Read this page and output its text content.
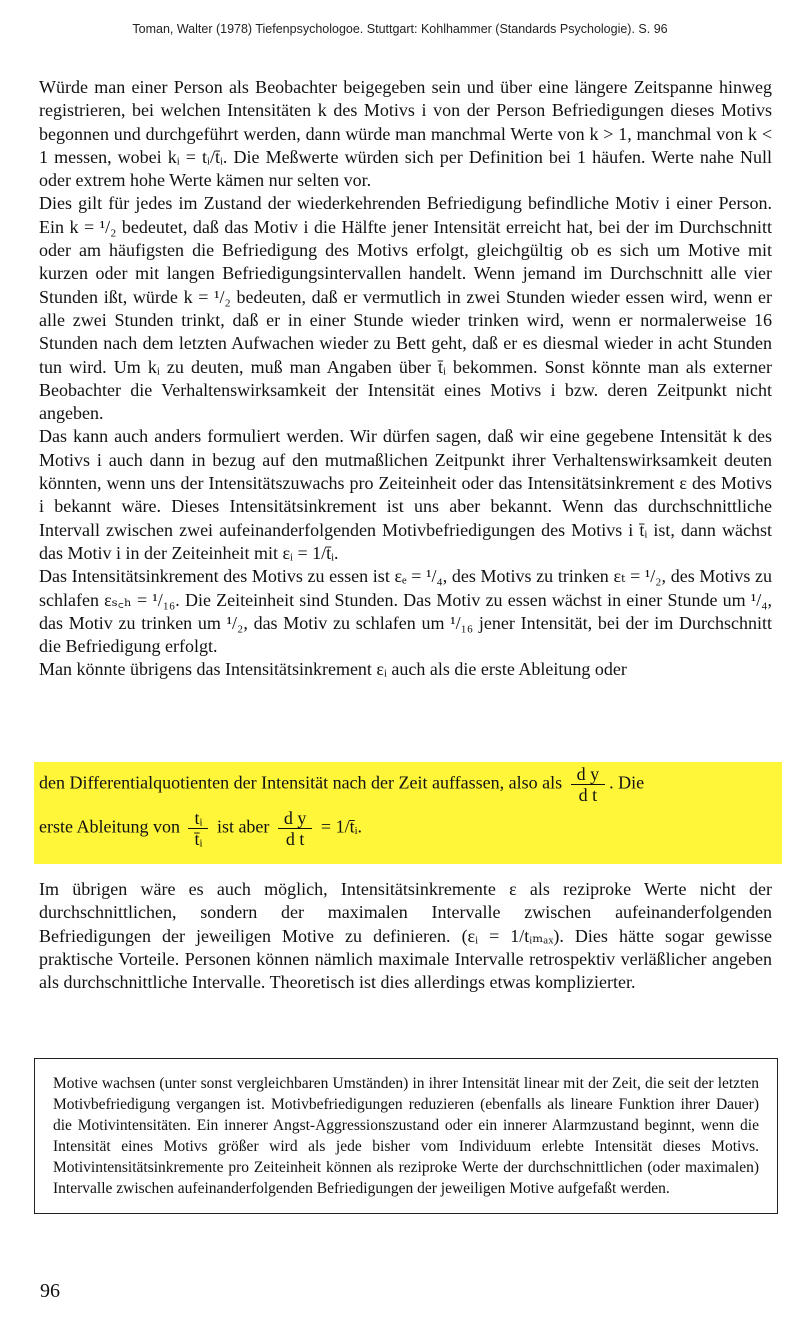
Toman, Walter (1978) Tiefenpsychologoe. Stuttgart: Kohlhammer (Standards Psychologie). S. 96

Würde man einer Person als Beobachter beigegeben sein und über eine längere Zeitspanne hinweg registrieren, bei welchen Intensitäten k des Motivs i von der Person Befriedigungen dieses Motivs begonnen und durchgeführt werden, dann würde man manchmal Werte von k > 1, manchmal von k < 1 messen, wobei kᵢ = tᵢ/t̄ᵢ. Die Meßwerte würden sich per Definition bei 1 häufen. Werte nahe Null oder extrem hohe Werte kämen nur selten vor.

Dies gilt für jedes im Zustand der wiederkehrenden Befriedigung befindliche Motiv i einer Person. Ein k = ¹/₂ bedeutet, daß das Motiv i die Hälfte jener Intensität erreicht hat, bei der im Durchschnitt oder am häufigsten die Befriedigung des Motivs erfolgt, gleichgültig ob es sich um Motive mit kurzen oder mit langen Befriedigungsintervallen handelt. Wenn jemand im Durchschnitt alle vier Stunden ißt, würde k = ¹/₂ bedeuten, daß er vermutlich in zwei Stunden wieder essen wird, wenn er alle zwei Stunden trinkt, daß er in einer Stunde wieder trinken wird, wenn er normalerweise 16 Stunden nach dem letzten Aufwachen wieder zu Bett geht, daß er es diesmal wieder in acht Stunden tun wird. Um kᵢ zu deuten, muß man Angaben über t̄ᵢ bekommen. Sonst könnte man als externer Beobachter die Verhaltenswirksamkeit der Intensität eines Motivs i bzw. deren Zeitpunkt nicht angeben.

Das kann auch anders formuliert werden. Wir dürfen sagen, daß wir eine gegebene Intensität k des Motivs i auch dann in bezug auf den mutmaßlichen Zeitpunkt ihrer Verhaltenswirksamkeit deuten könnten, wenn uns der Intensitätszuwachs pro Zeiteinheit oder das Intensitätsinkrement ε des Motivs i bekannt wäre. Dieses Intensitätsinkrement ist uns aber bekannt. Wenn das durchschnittliche Intervall zwischen zwei aufeinanderfolgenden Motivbefriedigungen des Motivs i t̄ᵢ ist, dann wächst das Motiv i in der Zeiteinheit mit εᵢ = 1/t̄ᵢ.

Das Intensitätsinkrement des Motivs zu essen ist εₑ = ¹/₄, des Motivs zu trinken εₜ = ¹/₂, des Motivs zu schlafen εₛ꜀ₕ = ¹/₁₆. Die Zeiteinheit sind Stunden. Das Motiv zu essen wächst in einer Stunde um ¹/₄, das Motiv zu trinken um ¹/₂, das Motiv zu schlafen um ¹/₁₆ jener Intensität, bei der im Durchschnitt die Befriedigung erfolgt.

Man könnte übrigens das Intensitätsinkrement εᵢ auch als die erste Ableitung oder

den Differentialquotienten der Intensität nach der Zeit auffassen, also als $\frac{\text{d y}}{\text{d t}}$ . Die
erste Ableitung von $\frac{\text{tᵢ}}{\text{t̄ᵢ}}$ ist aber $\frac{\text{d y}}{\text{d t}}$ = 1/t̄ᵢ.

Im übrigen wäre es auch möglich, Intensitätsinkremente ε als reziproke Werte nicht der durchschnittlichen, sondern der maximalen Intervalle zwischen aufeinanderfolgenden Befriedigungen der jeweiligen Motive zu definieren. (εᵢ = 1/tᵢₘₐₓ). Dies hätte sogar gewisse praktische Vorteile. Personen können nämlich maximale Intervalle retrospektiv verläßlicher angeben als durchschnittliche Intervalle. Theoretisch ist dies allerdings etwas komplizierter.

Motive wachsen (unter sonst vergleichbaren Umständen) in ihrer Intensität linear mit der Zeit, die seit der letzten Motivbefriedigung vergangen ist. Motivbefriedigungen reduzieren (ebenfalls als lineare Funktion ihrer Dauer) die Motivintensitäten. Ein innerer Angst-Aggressionszustand oder ein innerer Alarmzustand beginnt, wenn die Intensität eines Motivs größer wird als jede bisher vom Individuum erlebte Intensität dieses Motivs. Motivintensitätsinkremente pro Zeiteinheit können als reziproke Werte der durchschnittlichen (oder maximalen) Intervalle zwischen aufeinanderfolgenden Befriedigungen der jeweiligen Motive aufgefaßt werden.
96
